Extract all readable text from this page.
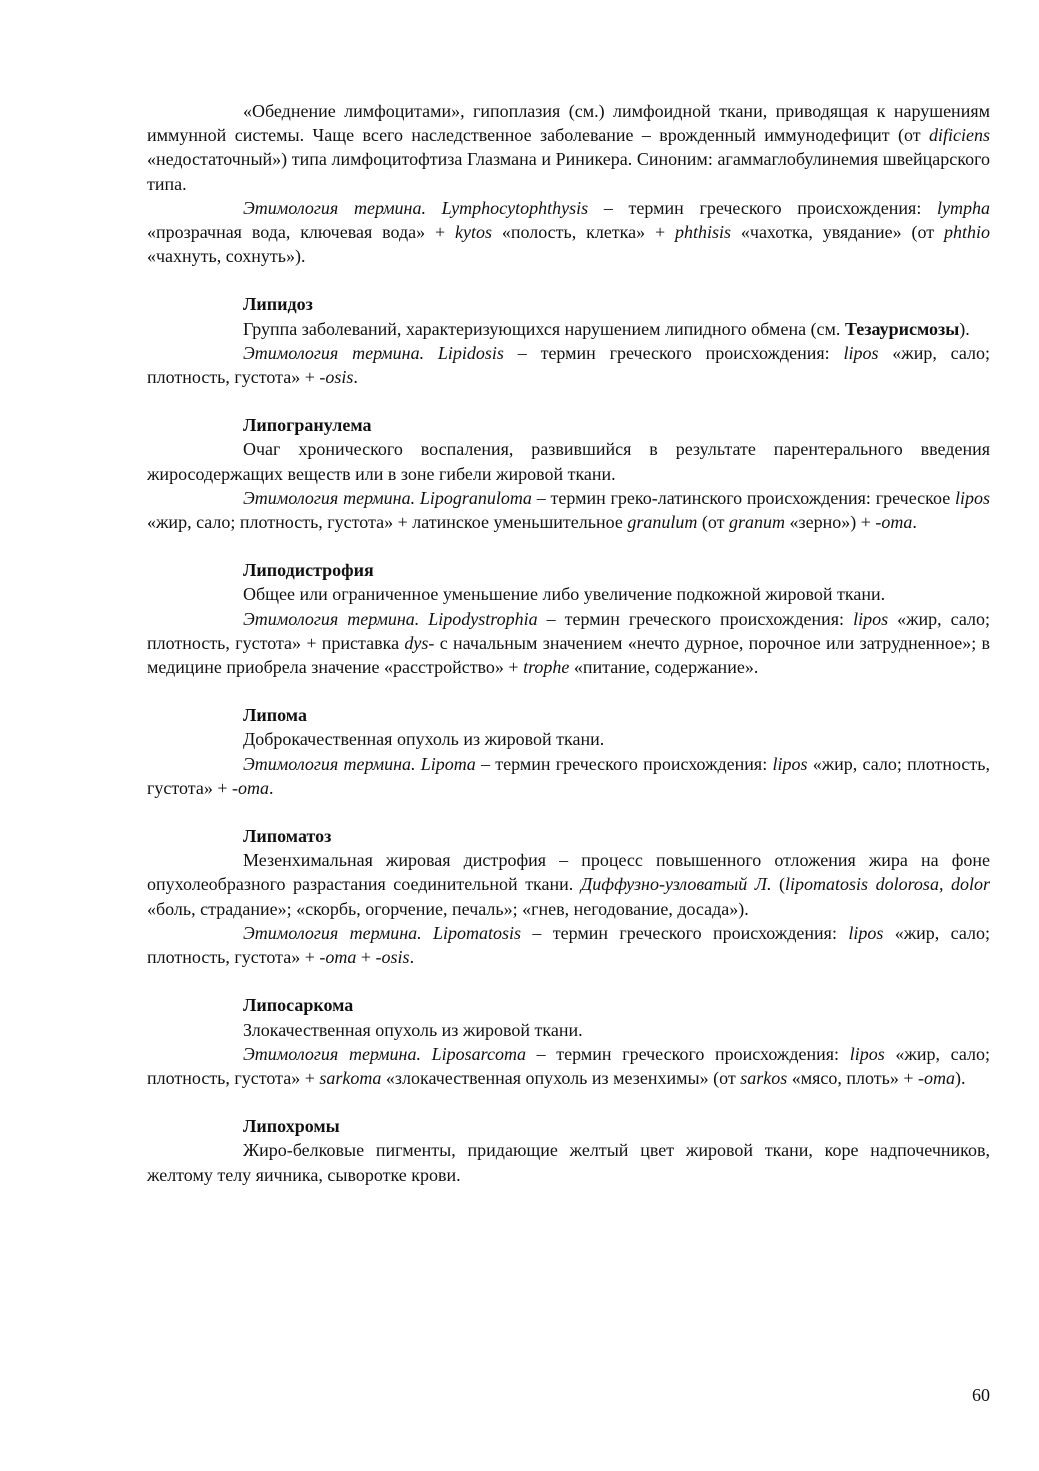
«Обеднение лимфоцитами», гипоплазия (см.) лимфоидной ткани, приводящая к нарушениям иммунной системы. Чаще всего наследственное заболевание – врожденный иммунодефицит (от dificiens «недостаточный») типа лимфоцитофтиза Глазмана и Риникера. Синоним: агаммаглобулинемия швейцарского типа.

Этимология термина. Lymphocytophthysis – термин греческого происхождения: lympha «прозрачная вода, ключевая вода» + kytos «полость, клетка» + phthisis «чахотка, увядание» (от phthio «чахнуть, сохнуть»).

Липидоз

Группа заболеваний, характеризующихся нарушением липидного обмена (см. Тезаурисмозы).

Этимология термина. Lipidosis – термин греческого происхождения: lipos «жир, сало; плотность, густота» + -osis.

Липогранулема

Очаг хронического воспаления, развившийся в результате парентерального введения жиросодержащих веществ или в зоне гибели жировой ткани.

Этимология термина. Lipogranuloma – термин греко-латинского происхождения: греческое lipos «жир, сало; плотность, густота» + латинское уменьшительное granulum (от granum «зерно») + -oma.

Липодистрофия

Общее или ограниченное уменьшение либо увеличение подкожной жировой ткани.

Этимология термина. Lipodystrophia – термин греческого происхождения: lipos «жир, сало; плотность, густота» + приставка dys- с начальным значением «нечто дурное, порочное или затрудненное»; в медицине приобрела значение «расстройство» + trophe «питание, содержание».

Липома

Доброкачественная опухоль из жировой ткани.

Этимология термина. Lipoma – термин греческого происхождения: lipos «жир, сало; плотность, густота» + -oma.

Липоматоз

Мезенхимальная жировая дистрофия – процесс повышенного отложения жира на фоне опухолеобразного разрастания соединительной ткани. Диффузно-узловатый Л. (lipomatosis dolorosa, dolor «боль, страдание»; «скорбь, огорчение, печаль»; «гнев, негодование, досада»).

Этимология термина. Lipomatosis – термин греческого происхождения: lipos «жир, сало; плотность, густота» + -oma + -osis.

Липосаркома

Злокачественная опухоль из жировой ткани.

Этимология термина. Liposarcoma – термин греческого происхождения: lipos «жир, сало; плотность, густота» + sarkoma «злокачественная опухоль из мезенхимы» (от sarkos «мясо, плоть» + -oma).

Липохромы

Жиро-белковые пигменты, придающие желтый цвет жировой ткани, коре надпочечников, желтому телу яичника, сыворотке крови.

60
